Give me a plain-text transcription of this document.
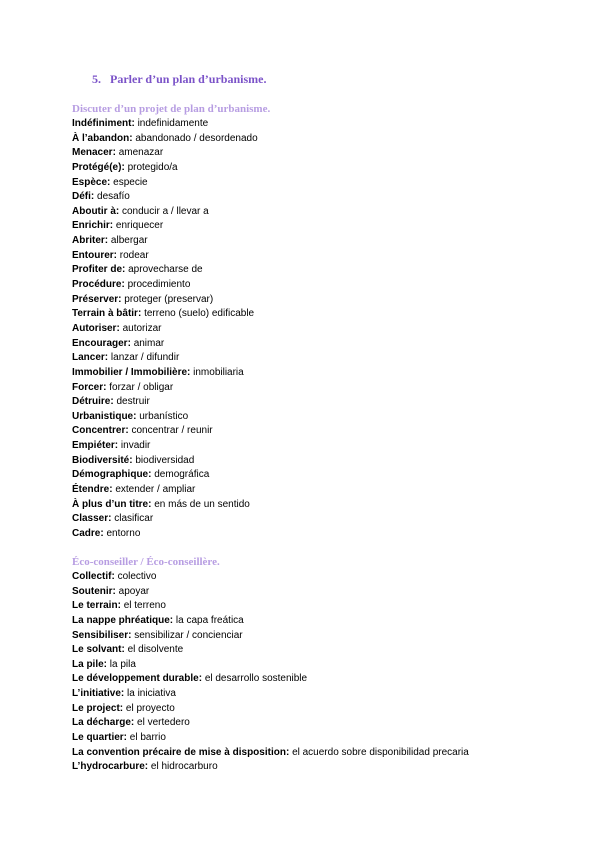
5. Parler d’un plan d’urbanisme.
Discuter d’un projet de plan d’urbanisme.
Indéfiniment: indefinidamente
À l’abandon: abandonado / desordenado
Menacer: amenazar
Protégé(e): protegido/a
Espèce: especie
Défi: desafío
Aboutir à: conducir a / llevar a
Enrichir: enriquecer
Abriter: albergar
Entourer: rodear
Profiter de: aprovecharse de
Procédure: procedimiento
Préserver: proteger (preservar)
Terrain à bâtir: terreno (suelo) edificable
Autoriser: autorizar
Encourager: animar
Lancer: lanzar / difundir
Immobilier / Immobilière: inmobiliaria
Forcer: forzar / obligar
Détruire: destruir
Urbanistique: urbanístico
Concentrer: concentrar / reunir
Empiéter: invadir
Biodiversité: biodiversidad
Démographique: demográfica
Étendre: extender / ampliar
À plus d’un titre: en más de un sentido
Classer: clasificar
Cadre: entorno
Éco-conseiller / Éco-conseillère.
Collectif: colectivo
Soutenir: apoyar
Le terrain: el terreno
La nappe phréatique: la capa freática
Sensibiliser: sensibilizar / concienciar
Le solvant: el disolvente
La pile: la pila
Le développement durable: el desarrollo sostenible
L’initiative: la iniciativa
Le project: el proyecto
La décharge: el vertedero
Le quartier: el barrio
La convention précaire de mise à disposition: el acuerdo sobre disponibilidad precaria
L’hydrocarbure: el hidrocarburo
